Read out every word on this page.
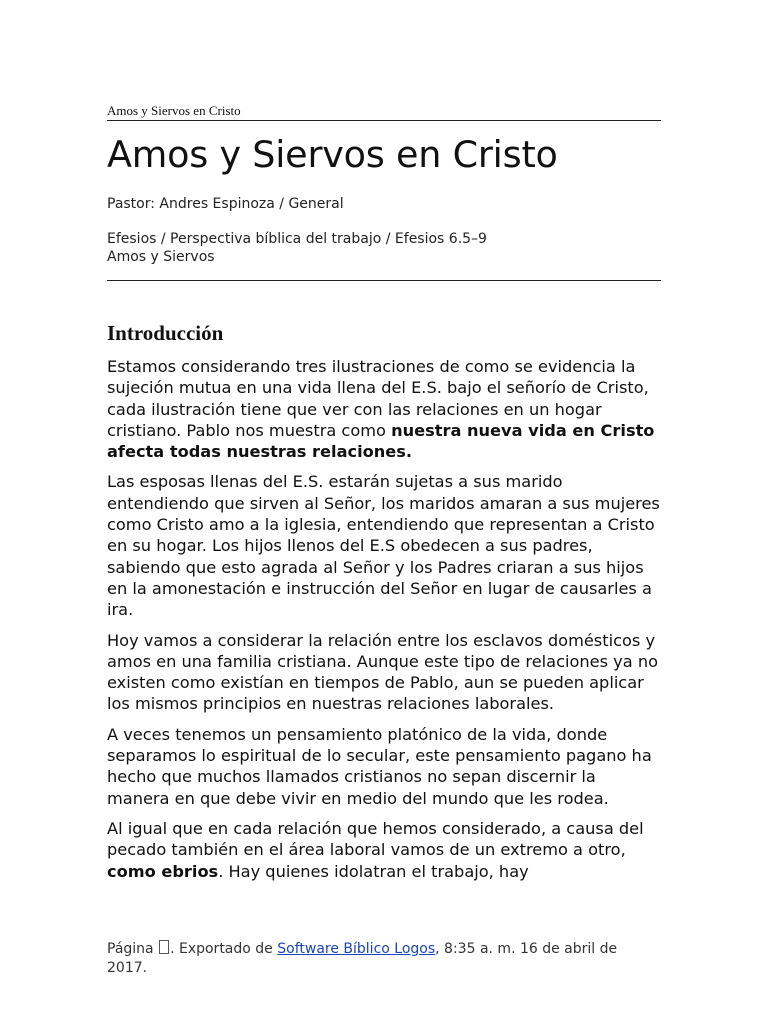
Amos y Siervos en Cristo
Amos y Siervos en Cristo
Pastor: Andres Espinoza / General
Efesios / Perspectiva bíblica del trabajo / Efesios 6.5–9
Amos y Siervos
Introducción

Estamos considerando tres ilustraciones de como se evidencia la sujeción mutua en una vida llena del E.S. bajo el señorío de Cristo, cada ilustración tiene que ver con las relaciones en un hogar cristiano. Pablo nos muestra como nuestra nueva vida en Cristo afecta todas nuestras relaciones.

Las esposas llenas del E.S. estarán sujetas a sus marido entendiendo que sirven al Señor, los maridos amaran a sus mujeres como Cristo amo a la iglesia, entendiendo que representan a Cristo en su hogar. Los hijos llenos del E.S obedecen a sus padres, sabiendo que esto agrada al Señor y los Padres criaran a sus hijos en la amonestación e instrucción del Señor en lugar de causarles a ira.

Hoy vamos a considerar la relación entre los esclavos domésticos y amos en una familia cristiana. Aunque este tipo de relaciones ya no existen como existían en tiempos de Pablo, aun se pueden aplicar los mismos principios en nuestras relaciones laborales.

A veces tenemos un pensamiento platónico de la vida, donde separamos lo espiritual de lo secular, este pensamiento pagano ha hecho que muchos llamados cristianos no sepan discernir la manera en que debe vivir en medio del mundo que les rodea.

Al igual que en cada relación que hemos considerado, a causa del pecado también en el área laboral vamos de un extremo a otro, como ebrios. Hay quienes idolatran el trabajo, hay

Página . Exportado de Software Bíblico Logos, 8:35 a. m. 16 de abril de 2017.
